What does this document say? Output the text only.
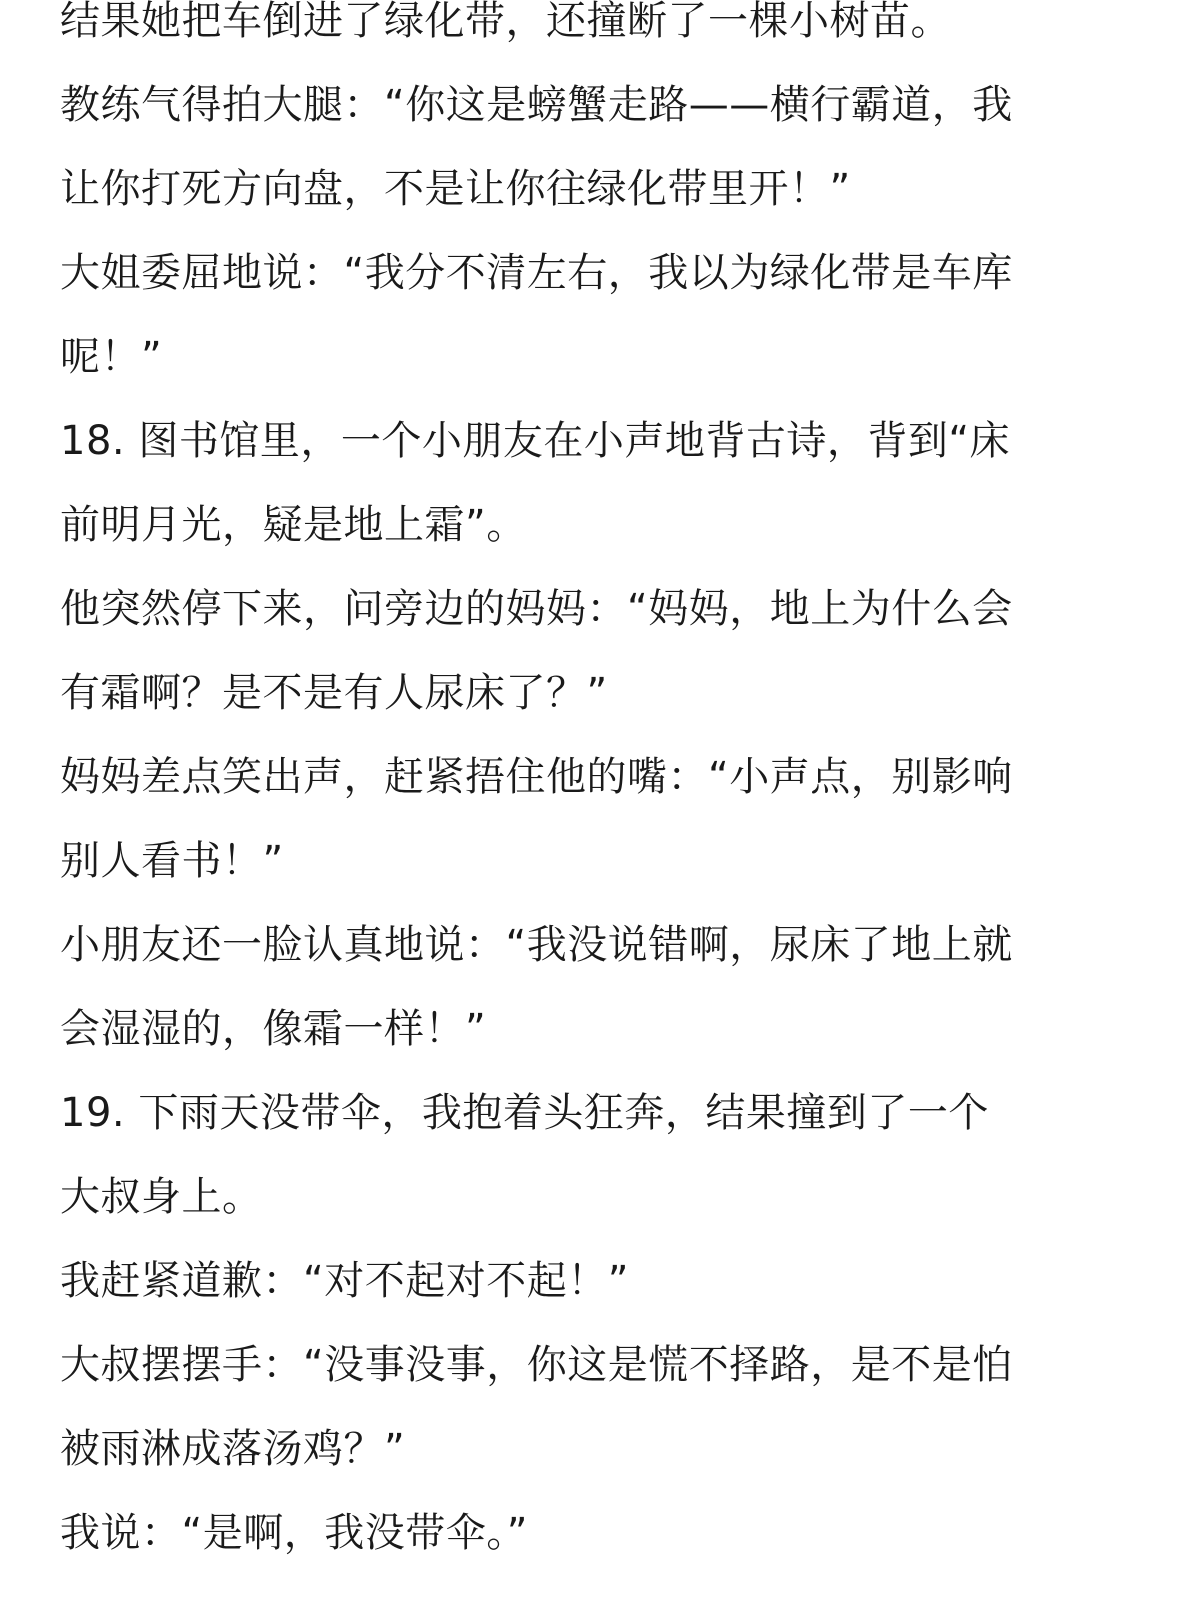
结果她把车倒进了绿化带，还撞断了一棵小树苗。
教练气得拍大腿：“你这是螃蟹走路——横行霸道，我
让你打死方向盘，不是让你往绿化带里开！”
大姐委屈地说：“我分不清左右，我以为绿化带是车库
呢！”
18. 图书馆里，一个小朋友在小声地背古诗，背到“床
前明月光，疑是地上霜”。
他突然停下来，问旁边的妈妈：“妈妈，地上为什么会
有霜啊？是不是有人尿床了？”
妈妈差点笑出声，赶紧捂住他的嘴：“小声点，别影响
别人看书！”
小朋友还一脸认真地说：“我没说错啊，尿床了地上就
会湿湿的，像霜一样！”
19. 下雨天没带伞，我抱着头狂奔，结果撞到了一个
大叔身上。
我赶紧道歉：“对不起对不起！”
大叔摆摆手：“没事没事，你这是慌不择路，是不是怕
被雨淋成落汤鸡？”
我说：“是啊，我没带伞。”
